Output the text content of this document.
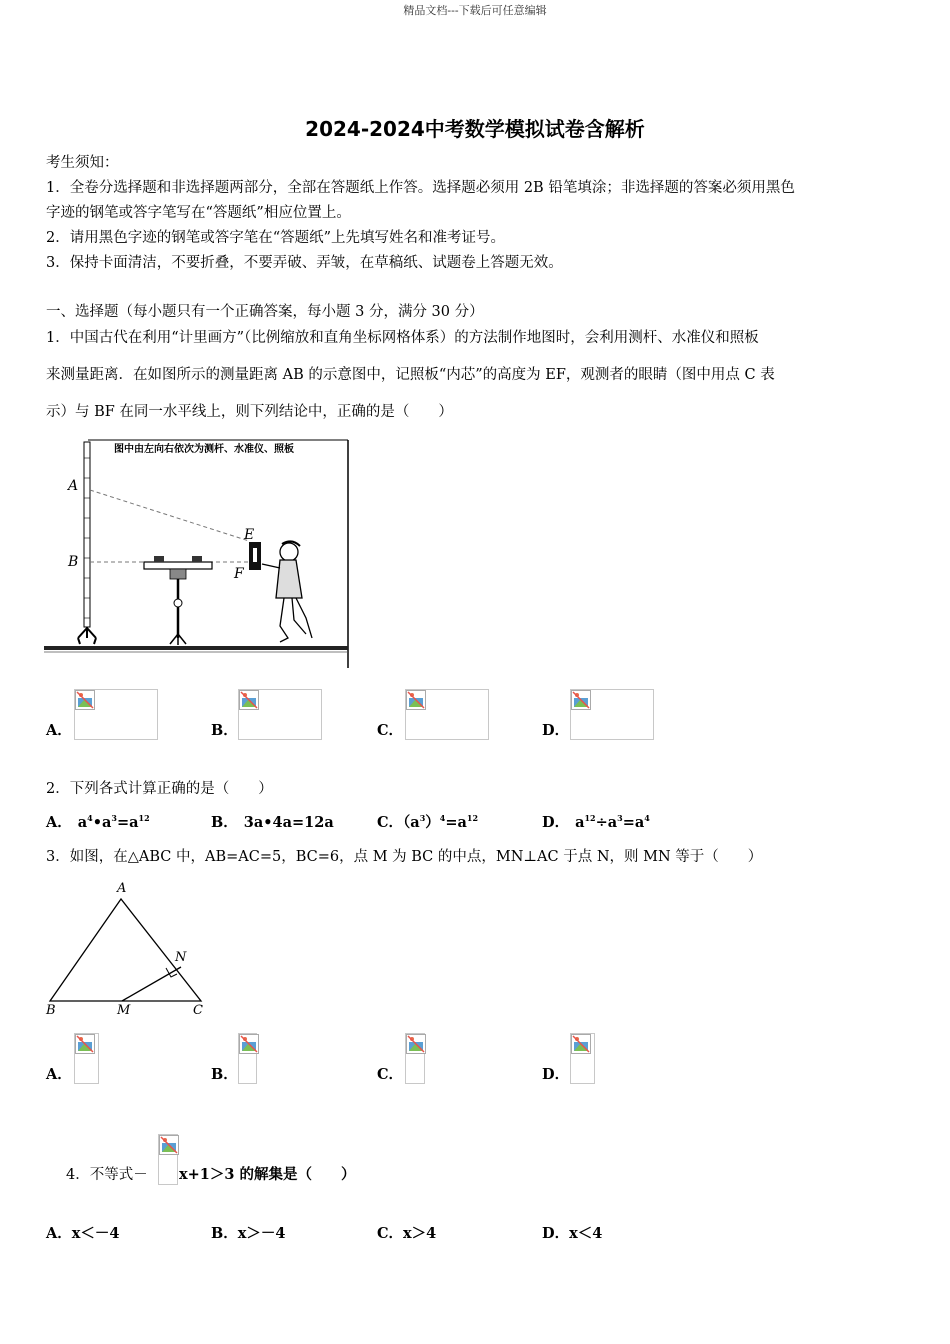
精品文档---下载后可任意编辑
2024-2024中考数学模拟试卷含解析
考生须知：
1．全卷分选择题和非选择题两部分，全部在答题纸上作答。选择题必须用 2B 铅笔填涂；非选择题的答案必须用黑色
字迹的钢笔或答字笔写在“答题纸”相应位置上。
2．请用黑色字迹的钢笔或答字笔在“答题纸”上先填写姓名和准考证号。
3．保持卡面清洁，不要折叠，不要弄破、弄皱，在草稿纸、试题卷上答题无效。
一、选择题（每小题只有一个正确答案，每小题 3 分，满分 30 分）
1．中国古代在利用“计里画方”（比例缩放和直角坐标网格体系）的方法制作地图时，会利用测杆、水准仪和照板
来测量距离．在如图所示的测量距离 AB 的示意图中，记照板“内芯”的高度为 EF，观测者的眼睛（图中用点 C 表
示）与 BF 在同一水平线上，则下列结论中，正确的是（　　）
图中由左向右依次为测杆、水准仪、照板
A
B
E
F
A．	B．	C．	D．
2．下列各式计算正确的是（　　）
A． $a^4•a^3=a^{12}$	B． 3a•4a=12a	C．$(a^3)^4=a^{12}$	D． $a^{12}\div a^3=a^4$
3．如图，在△ABC 中，AB=AC=5，BC=6，点 M 为 BC 的中点，MN⊥AC 于点 N，则 MN 等于（　　）
A
B	M	C
N
A．	B．	C．	D．
4．不等式－ x+1＞3 的解集是（　　）
A．x＜－4	B．x＞－4	C．x＞4	D．x＜4
